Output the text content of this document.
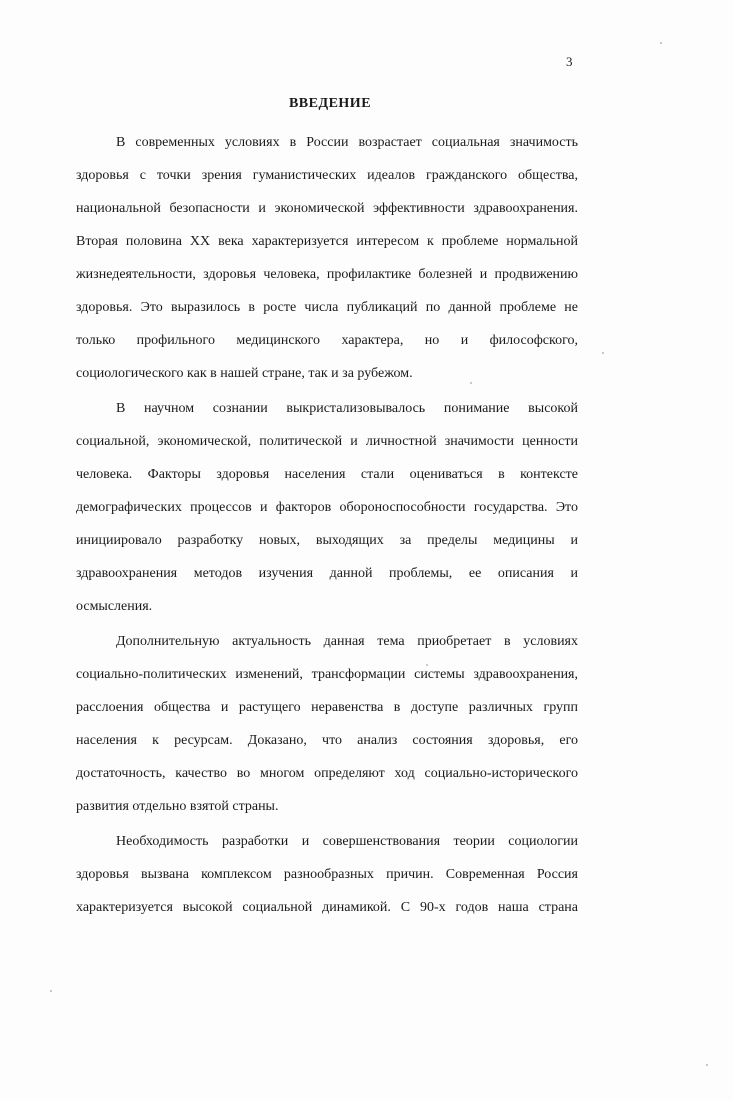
3
ВВЕДЕНИЕ
В современных условиях в России возрастает социальная значимость
здоровья с точки зрения гуманистических идеалов гражданского общества,
национальной безопасности и экономической эффективности здравоохранения.
Вторая половина XX века характеризуется интересом к проблеме нормальной
жизнедеятельности, здоровья человека, профилактике болезней и продвижению
здоровья. Это выразилось в росте числа публикаций по данной проблеме не
только профильного медицинского характера, но и философского,
социологического как в нашей стране, так и за рубежом.
В научном сознании выкристализовывалось понимание высокой
социальной, экономической, политической и личностной значимости ценности
человека. Факторы здоровья населения стали оцениваться в контексте
демографических процессов и факторов обороноспособности государства. Это
инициировало разработку новых, выходящих за пределы медицины и
здравоохранения методов изучения данной проблемы, ее описания и
осмысления.
Дополнительную актуальность данная тема приобретает в условиях
социально-политических изменений, трансформации системы здравоохранения,
расслоения общества и растущего неравенства в доступе различных групп
населения к ресурсам. Доказано, что анализ состояния здоровья, его
достаточность, качество во многом определяют ход социально-исторического
развития отдельно взятой страны.
Необходимость разработки и совершенствования теории социологии
здоровья вызвана комплексом разнообразных причин. Современная Россия
характеризуется высокой социальной динамикой. С 90-х годов наша страна
